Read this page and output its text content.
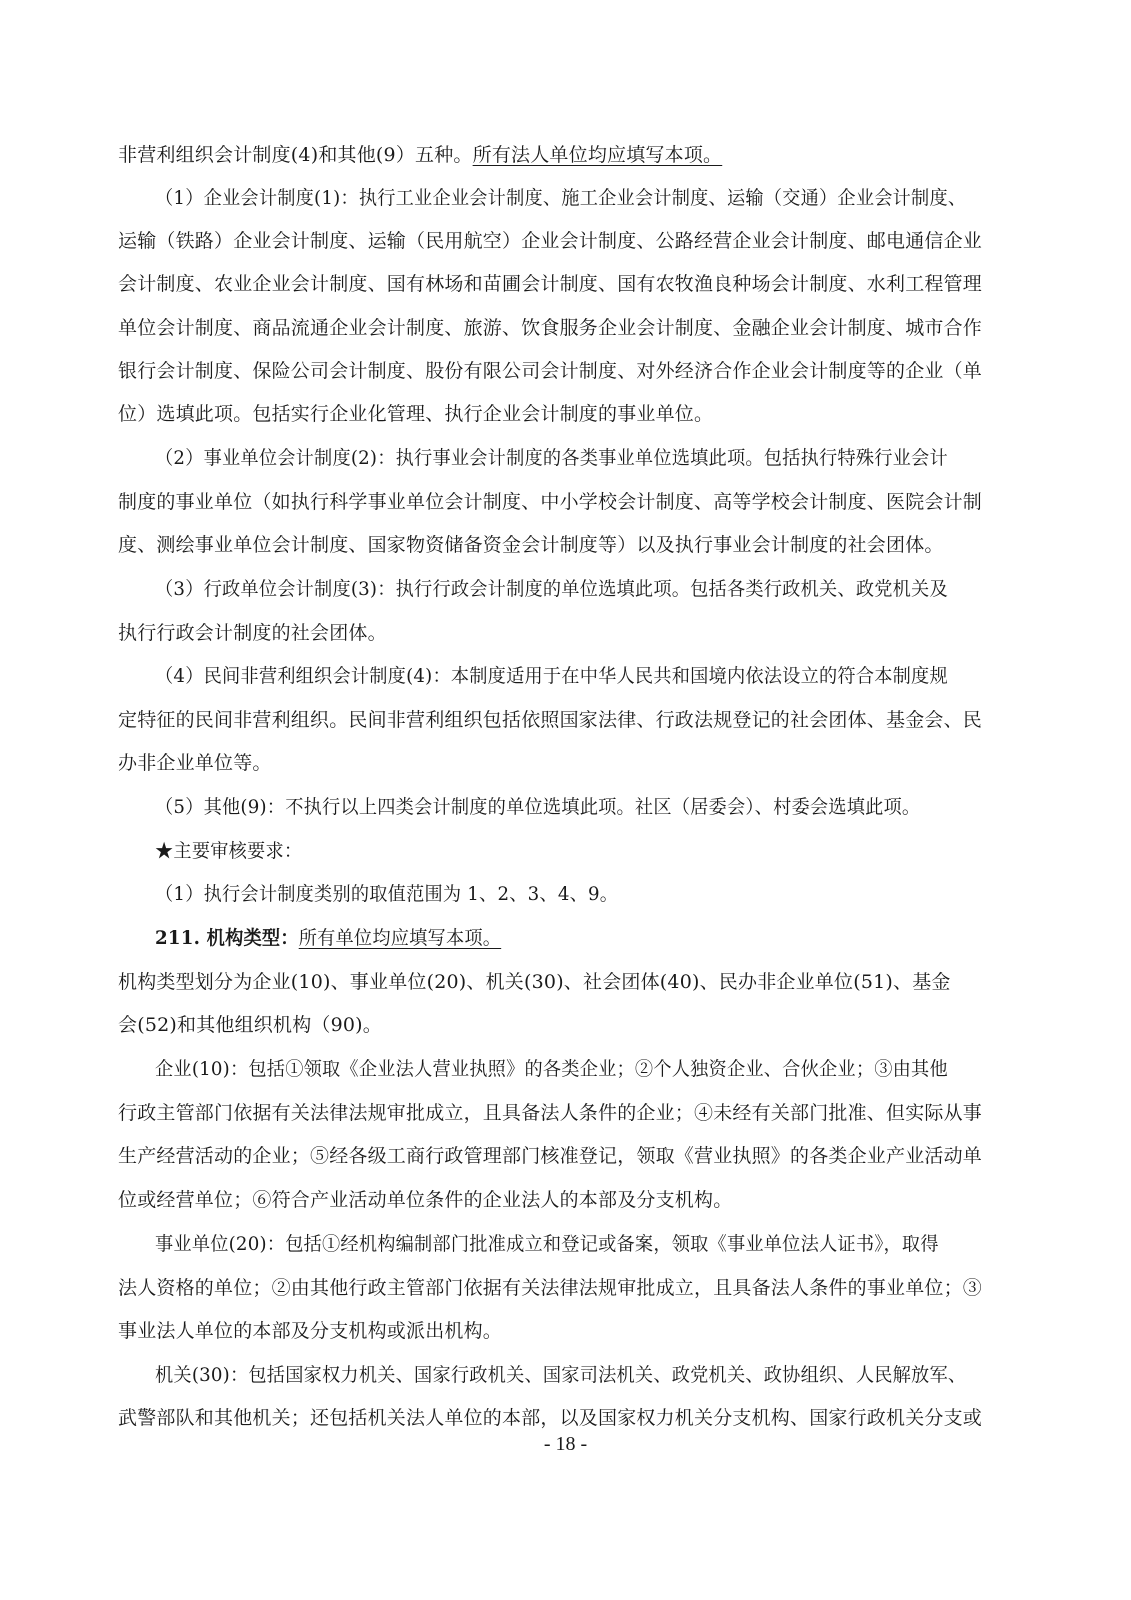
非营利组织会计制度(4)和其他(9）五种。所有法人单位均应填写本项。
（1）企业会计制度(1)：执行工业企业会计制度、施工企业会计制度、运输（交通）企业会计制度、
运输（铁路）企业会计制度、运输（民用航空）企业会计制度、公路经营企业会计制度、邮电通信企业
会计制度、农业企业会计制度、国有林场和苗圃会计制度、国有农牧渔良种场会计制度、水利工程管理
单位会计制度、商品流通企业会计制度、旅游、饮食服务企业会计制度、金融企业会计制度、城市合作
银行会计制度、保险公司会计制度、股份有限公司会计制度、对外经济合作企业会计制度等的企业（单
位）选填此项。包括实行企业化管理、执行企业会计制度的事业单位。
（2）事业单位会计制度(2)：执行事业会计制度的各类事业单位选填此项。包括执行特殊行业会计
制度的事业单位（如执行科学事业单位会计制度、中小学校会计制度、高等学校会计制度、医院会计制
度、测绘事业单位会计制度、国家物资储备资金会计制度等）以及执行事业会计制度的社会团体。
（3）行政单位会计制度(3)：执行行政会计制度的单位选填此项。包括各类行政机关、政党机关及
执行行政会计制度的社会团体。
（4）民间非营利组织会计制度(4)：本制度适用于在中华人民共和国境内依法设立的符合本制度规
定特征的民间非营利组织。民间非营利组织包括依照国家法律、行政法规登记的社会团体、基金会、民
办非企业单位等。
（5）其他(9)：不执行以上四类会计制度的单位选填此项。社区（居委会）、村委会选填此项。
★主要审核要求：
（1）执行会计制度类别的取值范围为 1、2、3、4、9。
211. 机构类型：所有单位均应填写本项。
机构类型划分为企业(10)、事业单位(20)、机关(30)、社会团体(40)、民办非企业单位(51)、基金
会(52)和其他组织机构（90)。
企业(10)：包括①领取《企业法人营业执照》的各类企业；②个人独资企业、合伙企业；③由其他
行政主管部门依据有关法律法规审批成立，且具备法人条件的企业；④未经有关部门批准、但实际从事
生产经营活动的企业；⑤经各级工商行政管理部门核准登记，领取《营业执照》的各类企业产业活动单
位或经营单位；⑥符合产业活动单位条件的企业法人的本部及分支机构。
事业单位(20)：包括①经机构编制部门批准成立和登记或备案，领取《事业单位法人证书》，取得
法人资格的单位；②由其他行政主管部门依据有关法律法规审批成立，且具备法人条件的事业单位；③
事业法人单位的本部及分支机构或派出机构。
机关(30)：包括国家权力机关、国家行政机关、国家司法机关、政党机关、政协组织、人民解放军、
武警部队和其他机关；还包括机关法人单位的本部，以及国家权力机关分支机构、国家行政机关分支或
- 18 -
